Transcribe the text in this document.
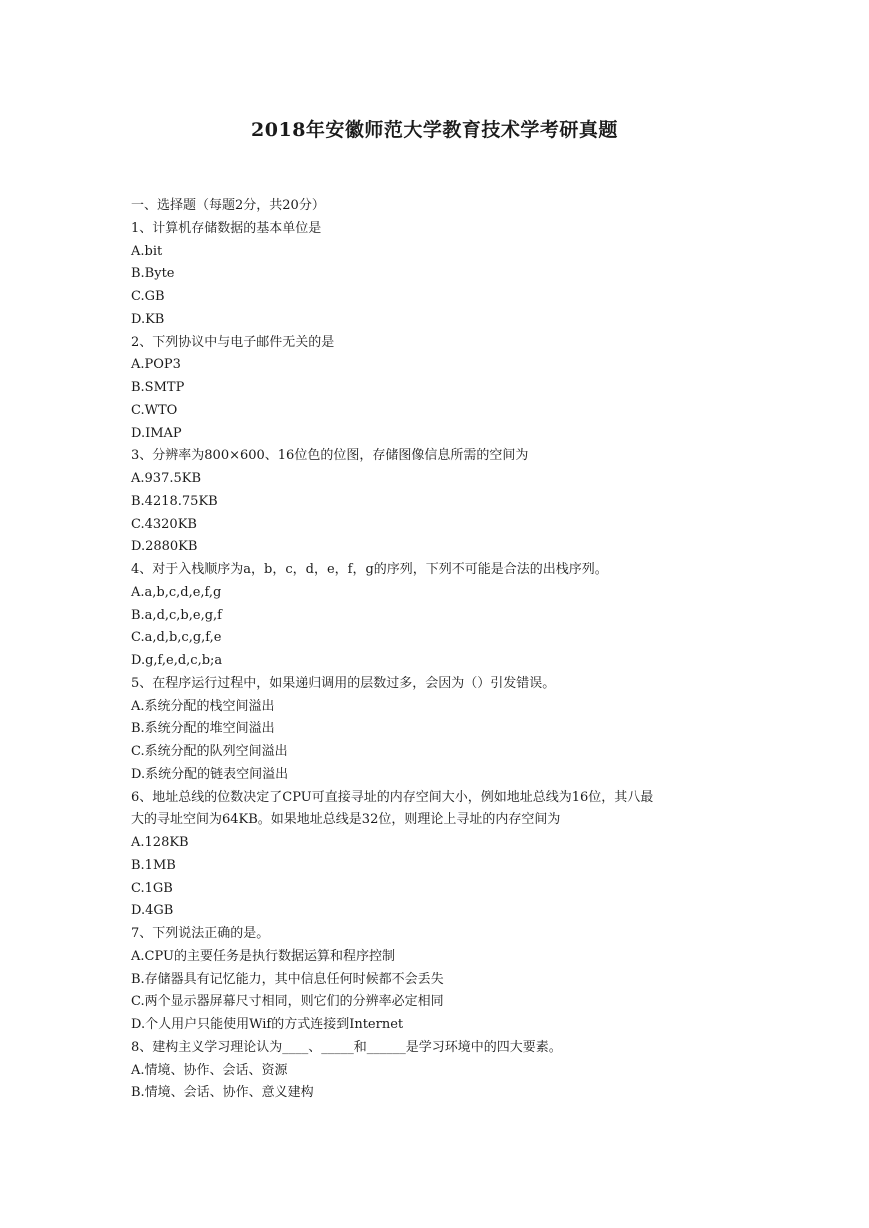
2018年安徽师范大学教育技术学考研真题
一、选择题（每题2分，共20分）
1、计算机存储数据的基本单位是
A.bit
B.Byte
C.GB
D.KB
2、下列协议中与电子邮件无关的是
A.POP3
B.SMTP
C.WTO
D.IMAP
3、分辨率为800×600、16位色的位图，存储图像信息所需的空间为
A.937.5KB
B.4218.75KB
C.4320KB
D.2880KB
4、对于入栈顺序为a，b，c，d，e，f，g的序列，下列不可能是合法的出栈序列。
A.a,b,c,d,e,f,g
B.a,d,c,b,e,g,f
C.a,d,b,c,g,f,e
D.g,f,e,d,c,b;a
5、在程序运行过程中，如果递归调用的层数过多，会因为（）引发错误。
A.系统分配的栈空间溢出
B.系统分配的堆空间溢出
C.系统分配的队列空间溢出
D.系统分配的链表空间溢出
6、地址总线的位数决定了CPU可直接寻址的内存空间大小，例如地址总线为16位，其八最
大的寻址空间为64KB。如果地址总线是32位，则理论上寻址的内存空间为
A.128KB
B.1MB
C.1GB
D.4GB
7、下列说法正确的是。
A.CPU的主要任务是执行数据运算和程序控制
B.存储器具有记忆能力，其中信息任何时候都不会丢失
C.两个显示器屏幕尺寸相同，则它们的分辨率必定相同
D.个人用户只能使用Wif的方式连接到Internet
8、建构主义学习理论认为____、_____和______是学习环境中的四大要素。
A.情境、协作、会话、资源
B.情境、会话、协作、意义建构
